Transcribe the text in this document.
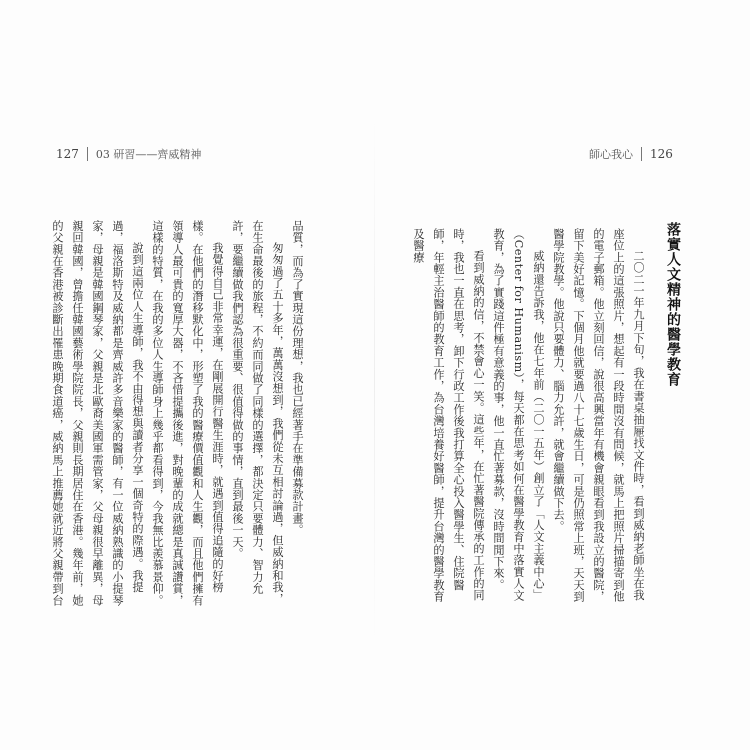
127 03 研習——齊威精神

品質，而為了實現這份理想，我也已經著手在準備募款計畫。

匆匆過了五十多年，萬萬沒想到，我們從未互相討論過，但威納和我，在生命最後的旅程，不約而同做了同樣的選擇，都決定只要體力、智力允許，要繼續做我們認為很重要、很值得做的事情，直到最後一天。

我覺得自己非常幸運，在剛展開行醫生涯時，就遇到值得追隨的好榜樣。在他們的潛移默化中，形塑了我的醫療價值觀和人生觀，而且他們擁有領導人最可貴的寬厚大器，不吝惜提攜後進，對晚輩的成就總是真誠讚賞，這樣的特質，在我的多位人生導師身上幾乎都看得到，今我無比羨慕景仰。

說到這兩位人生導師，我不由得想與讀者分享一個奇特的際遇。我提過，福洛斯特及威納都是齊威許多音樂家的醫師，有一位威納熟識的小提琴家，母親是韓國鋼琴家，父親是北歐裔美國軍需管家，父母親很早離異，母親回韓國，曾擔任韓國藝術學院院長，父親則長期居住在香港。幾年前，她的父親在香港被診斷出罹患晚期食道癌，威納馬上推薦她就近將父親帶到台

師心我心 126
落實人文精神的醫學教育

二〇二一年九月下旬，我在書桌抽屜找文件時，看到威納老師坐在我座位上的這張照片，想起有一段時間沒有問候，就馬上把照片掃描寄到他的電子郵箱。他立刻回信，說很高興當年有機會親眼看到我設立的醫院，留下美好記憶。下個月他就要過八十七歲生日，可是仍照常上班，天天到醫學院教學。他說只要體力、腦力允許，就會繼續做下去。

威納還告訴我，他在七年前（二〇一五年）創立了「人文主義中心」（Center for Humanism），每天都在思考如何在醫學教育中落實人文教育，為了實踐這件極有意義的事，他一直忙著募款，沒時間閒下來。

看到威納的信，不禁會心一笑。這些年，在忙著醫院傳承的工作的同時，我也一直在思考，卸下行政工作後我打算全心投入醫學生、住院醫師，年輕主治醫師的教育工作，為台灣培養好醫師，提升台灣的醫學教育及醫療
